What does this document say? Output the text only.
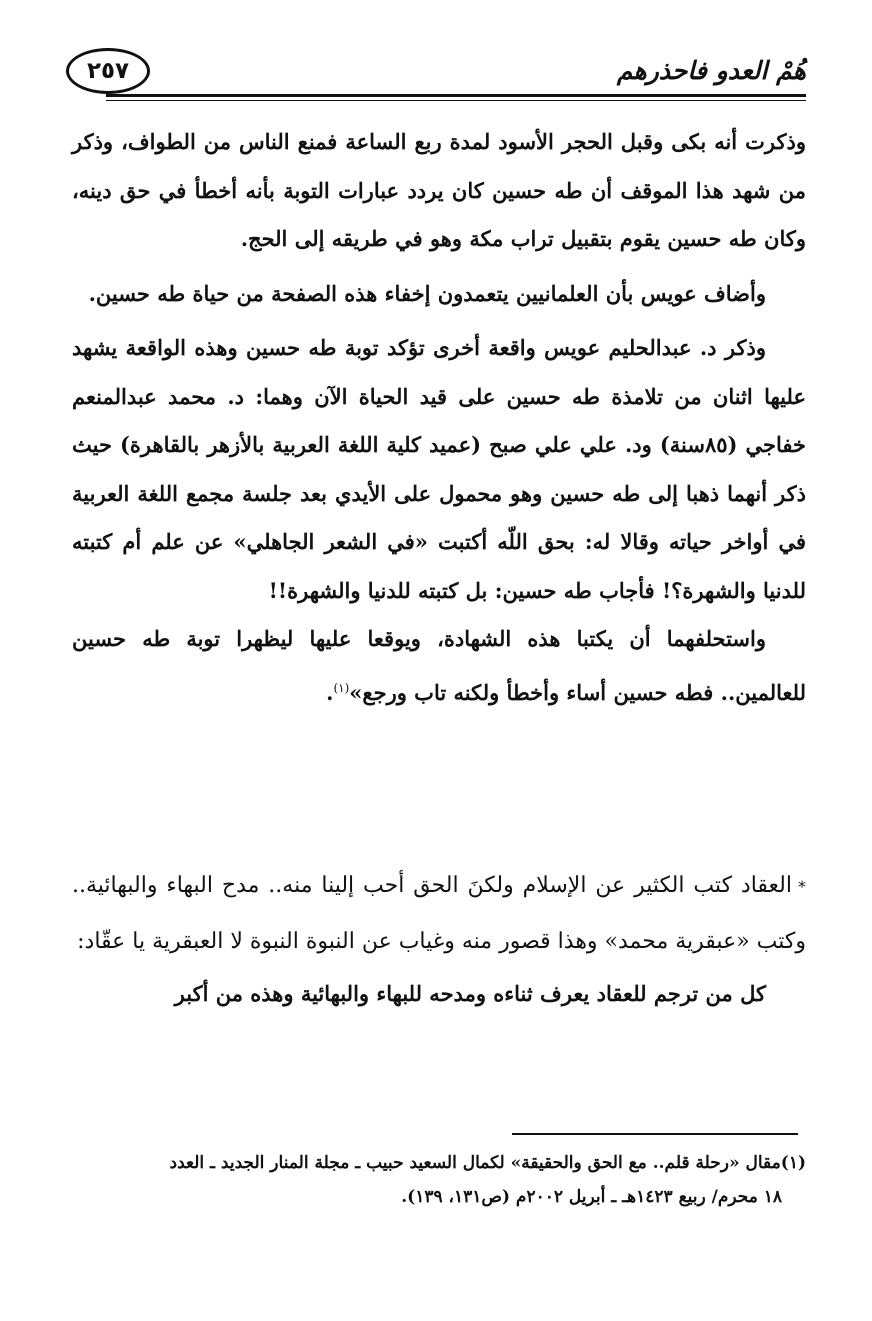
هُمْ العدو فاحذرهم
٢٥٧

وذكرت أنه بكى وقبل الحجر الأسود لمدة ربع الساعة فمنع الناس من الطواف، وذكر من شهد هذا الموقف أن طه حسين كان يردد عبارات التوبة بأنه أخطأ في حق دينه، وكان طه حسين يقوم بتقبيل تراب مكة وهو في طريقه إلى الحج.

وأضاف عويس بأن العلمانيين يتعمدون إخفاء هذه الصفحة من حياة طه حسين.

وذكر د. عبدالحليم عويس واقعة أخرى تؤكد توبة طه حسين وهذه الواقعة يشهد عليها اثنان من تلامذة طه حسين على قيد الحياة الآن وهما: د. محمد عبدالمنعم خفاجي (٨٥سنة) ود. علي علي صبح (عميد كلية اللغة العربية بالأزهر بالقاهرة) حيث ذكر أنهما ذهبا إلى طه حسين وهو محمول على الأيدي بعد جلسة مجمع اللغة العربية في أواخر حياته وقالا له: بحق اللّه أكتبت «في الشعر الجاهلي» عن علم أم كتبته للدنيا والشهرة؟! فأجاب طه حسين: بل كتبته للدنيا والشهرة!!

واستحلفهما أن يكتبا هذه الشهادة، ويوقعا عليها ليظهرا توبة طه حسين للعالمين.. فطه حسين أساء وأخطأ ولكنه تاب ورجع»$^{(١)}$.

*العقاد كتب الكثير عن الإسلام ولكنَ الحق أحب إلينا منه.. مدح البهاء والبهائية.. وكتب «عبقرية محمد» وهذا قصور منه وغياب عن النبوة النبوة لا العبقرية يا عقّاد:

كل من ترجم للعقاد يعرف ثناءه ومدحه للبهاء والبهائية وهذه من أكبر

(١)مقال «رحلة قلم.. مع الحق والحقيقة» لكمال السعيد حبيب ـ مجلة المنار الجديد ـ العدد

١٨ محرم/ ربيع ١٤٢٣هـ ـ أبريل ٢٠٠٢م (ص١٣١، ١٣٩).
